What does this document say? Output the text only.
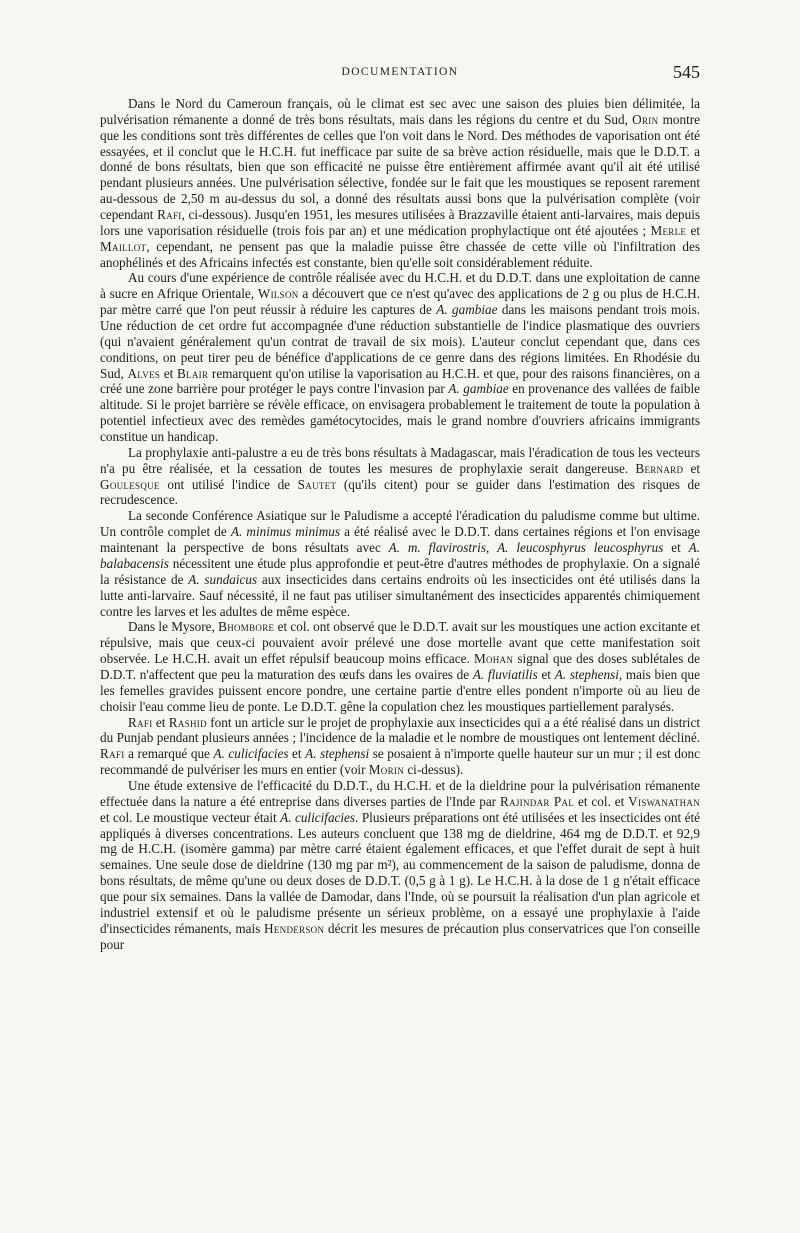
DOCUMENTATION	545

Dans le Nord du Cameroun français, où le climat est sec avec une saison des pluies bien délimitée, la pulvérisation rémanente a donné de très bons résultats, mais dans les régions du centre et du Sud, Orin montre que les conditions sont très différentes de celles que l'on voit dans le Nord. Des méthodes de vaporisation ont été essayées, et il conclut que le H.C.H. fut inefficace par suite de sa brève action résiduelle, mais que le D.D.T. a donné de bons résultats, bien que son efficacité ne puisse être entièrement affirmée avant qu'il ait été utilisé pendant plusieurs années. Une pulvérisation sélective, fondée sur le fait que les moustiques se reposent rarement au-dessous de 2,50 m au-dessus du sol, a donné des résultats aussi bons que la pulvérisation complète (voir cependant Rafi, ci-dessous). Jusqu'en 1951, les mesures utilisées à Brazzaville étaient anti-larvaires, mais depuis lors une vaporisation résiduelle (trois fois par an) et une médication prophylactique ont été ajoutées ; Merle et Maillot, cependant, ne pensent pas que la maladie puisse être chassée de cette ville où l'infiltration des anophélinés et des Africains infectés est constante, bien qu'elle soit considérablement réduite.

Au cours d'une expérience de contrôle réalisée avec du H.C.H. et du D.D.T. dans une exploitation de canne à sucre en Afrique Orientale, Wilson a découvert que ce n'est qu'avec des applications de 2 g ou plus de H.C.H. par mètre carré que l'on peut réussir à réduire les captures de A. gambiae dans les maisons pendant trois mois. Une réduction de cet ordre fut accompagnée d'une réduction substantielle de l'indice plasmatique des ouvriers (qui n'avaient généralement qu'un contrat de travail de six mois). L'auteur conclut cependant que, dans ces conditions, on peut tirer peu de bénéfice d'applications de ce genre dans des régions limitées. En Rhodésie du Sud, Alves et Blair remarquent qu'on utilise la vaporisation au H.C.H. et que, pour des raisons financières, on a créé une zone barrière pour protéger le pays contre l'invasion par A. gambiae en provenance des vallées de faible altitude. Si le projet barrière se révèle efficace, on envisagera probablement le traitement de toute la population à potentiel infectieux avec des remèdes gamétocytocides, mais le grand nombre d'ouvriers africains immigrants constitue un handicap.

La prophylaxie anti-palustre a eu de très bons résultats à Madagascar, mais l'éradication de tous les vecteurs n'a pu être réalisée, et la cessation de toutes les mesures de prophylaxie serait dangereuse. Bernard et Goulesque ont utilisé l'indice de Sautet (qu'ils citent) pour se guider dans l'estimation des risques de recrudescence.

La seconde Conférence Asiatique sur le Paludisme a accepté l'éradication du paludisme comme but ultime. Un contrôle complet de A. minimus minimus a été réalisé avec le D.D.T. dans certaines régions et l'on envisage maintenant la perspective de bons résultats avec A. m. flavirostris, A. leucosphyrus leucosphyrus et A. balabacensis nécessitent une étude plus approfondie et peut-être d'autres méthodes de prophylaxie. On a signalé la résistance de A. sundaicus aux insecticides dans certains endroits où les insecticides ont été utilisés dans la lutte anti-larvaire. Sauf nécessité, il ne faut pas utiliser simultanément des insecticides apparentés chimiquement contre les larves et les adultes de même espèce.

Dans le Mysore, Bhombore et col. ont observé que le D.D.T. avait sur les moustiques une action excitante et répulsive, mais que ceux-ci pouvaient avoir prélevé une dose mortelle avant que cette manifestation soit observée. Le H.C.H. avait un effet répulsif beaucoup moins efficace. Mohan signal que des doses sublétales de D.D.T. n'affectent que peu la maturation des œufs dans les ovaires de A. fluviatilis et A. stephensi, mais bien que les femelles gravides puissent encore pondre, une certaine partie d'entre elles pondent n'importe où au lieu de choisir l'eau comme lieu de ponte. Le D.D.T. gêne la copulation chez les moustiques partiellement paralysés.

Rafi et Rashid font un article sur le projet de prophylaxie aux insecticides qui a a été réalisé dans un district du Punjab pendant plusieurs années ; l'incidence de la maladie et le nombre de moustiques ont lentement décliné. Rafi a remarqué que A. culicifacies et A. stephensi se posaient à n'importe quelle hauteur sur un mur ; il est donc recommandé de pulvériser les murs en entier (voir Morin ci-dessus).

Une étude extensive de l'efficacité du D.D.T., du H.C.H. et de la dieldrine pour la pulvérisation rémanente effectuée dans la nature a été entreprise dans diverses parties de l'Inde par Rajindar Pal et col. et Viswanathan et col. Le moustique vecteur était A. culicifacies. Plusieurs préparations ont été utilisées et les insecticides ont été appliqués à diverses concentrations. Les auteurs concluent que 138 mg de dieldrine, 464 mg de D.D.T. et 92,9 mg de H.C.H. (isomère gamma) par mètre carré étaient également efficaces, et que l'effet durait de sept à huit semaines. Une seule dose de dieldrine (130 mg par m²), au commencement de la saison de paludisme, donna de bons résultats, de même qu'une ou deux doses de D.D.T. (0,5 g à 1 g). Le H.C.H. à la dose de 1 g n'était efficace que pour six semaines. Dans la vallée de Damodar, dans l'Inde, où se poursuit la réalisation d'un plan agricole et industriel extensif et où le paludisme présente un sérieux problème, on a essayé une prophylaxie à l'aide d'insecticides rémanents, mais Henderson décrit les mesures de précaution plus conservatrices que l'on conseille pour
